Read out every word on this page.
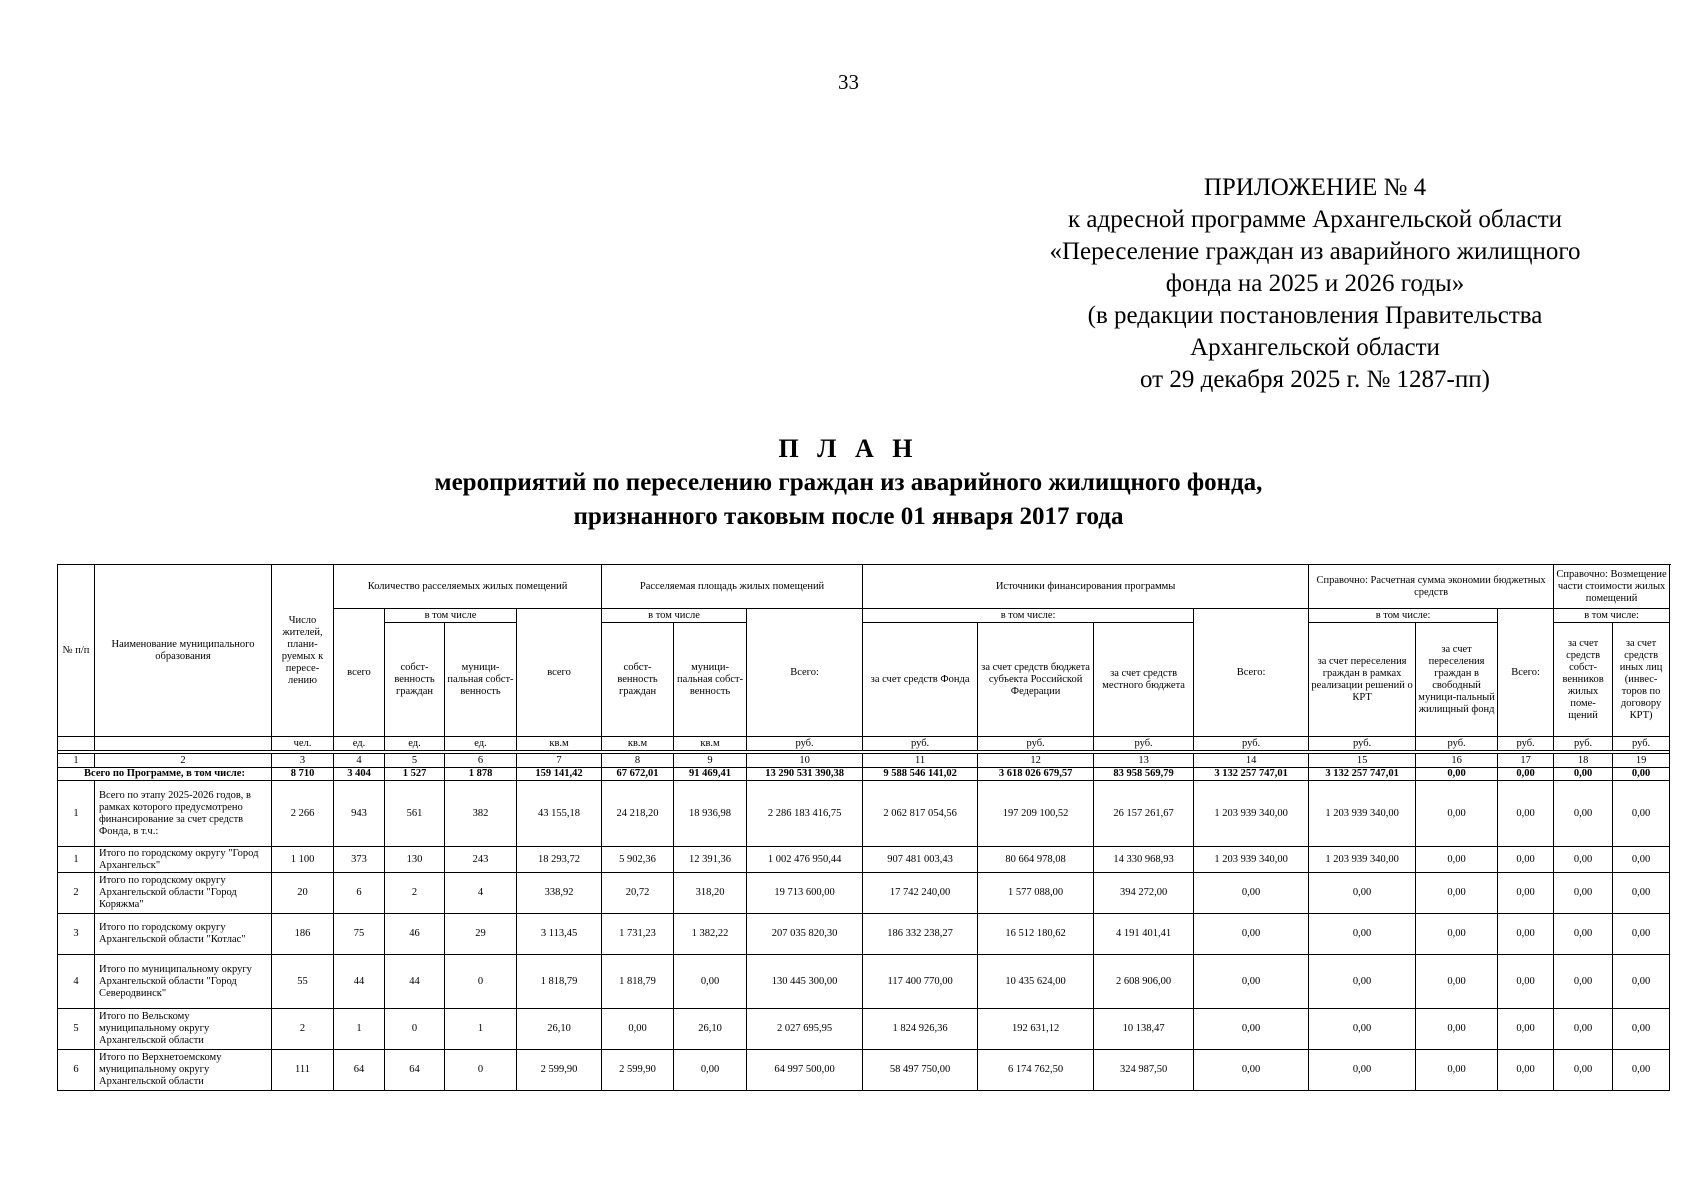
33
ПРИЛОЖЕНИЕ № 4
к адресной программе Архангельской области
«Переселение граждан из аварийного жилищного
фонда на 2025 и 2026 годы»
(в редакции постановления Правительства
Архангельской области
от 29 декабря 2025 г. № 1287-пп)
П Л А Н
мероприятий по переселению граждан из аварийного жилищного фонда,
признанного таковым после 01 января 2017 года
№ п/п	Наименование муниципального образования	Число жителей, плани-руемых к пересе-лению	Количество расселяемых жилых помещений				Расселяемая площадь жилых помещений			Источники финансирования программы				Справочно: Расчетная сумма экономии бюджетных средств			Справочно: Возмещение части стоимости жилых помещений	
			всего	в том числе		всего	в том числе		Всего:	в том числе:			Всего:	в том числе:		Всего:	в том числе:	
				собст-венность граждан	муници-пальная собст-венность		собст-венность граждан	муници-пальная собст-венность		за счет средств Фонда	за счет средств бюджета субъекта Российской Федерации	за счет средств местного бюджета		за счет переселения граждан в рамках реализации решений о КРТ	за счет переселения граждан в свободный муници-пальный жилищный фонд		за счет средств собст-венников жилых поме-щений	за счет средств иных лиц (инвес-торов по договору КРТ)
		чел.	ед.	ед.	ед.	кв.м	кв.м	кв.м	руб.	руб.	руб.	руб.	руб.	руб.	руб.	руб.	руб.	руб.

1	2	3	4	5	6	7	8	9	10	11	12	13	14	15	16	17	18	19
Всего по Программе, в том числе:		8 710	3 404	1 527	1 878	159 141,42	67 672,01	91 469,41	13 290 531 390,38	9 588 546 141,02	3 618 026 679,57	83 958 569,79	3 132 257 747,01	3 132 257 747,01	0,00	0,00	0,00	0,00
1	Всего по этапу 2025-2026 годов, в рамках которого предусмотрено финансирование за счет средств Фонда, в т.ч.:	2 266	943	561	382	43 155,18	24 218,20	18 936,98	2 286 183 416,75	2 062 817 054,56	197 209 100,52	26 157 261,67	1 203 939 340,00	1 203 939 340,00	0,00	0,00	0,00	0,00
1	Итого по городскому округу "Город Архангельск"	1 100	373	130	243	18 293,72	5 902,36	12 391,36	1 002 476 950,44	907 481 003,43	80 664 978,08	14 330 968,93	1 203 939 340,00	1 203 939 340,00	0,00	0,00	0,00	0,00
2	Итого по городскому округу Архангельской области "Город Коряжма"	20	6	2	4	338,92	20,72	318,20	19 713 600,00	17 742 240,00	1 577 088,00	394 272,00	0,00	0,00	0,00	0,00	0,00	0,00
3	Итого по городскому округу Архангельской области "Котлас"	186	75	46	29	3 113,45	1 731,23	1 382,22	207 035 820,30	186 332 238,27	16 512 180,62	4 191 401,41	0,00	0,00	0,00	0,00	0,00	0,00
4	Итого по муниципальному округу Архангельской области "Город Северодвинск"	55	44	44	0	1 818,79	1 818,79	0,00	130 445 300,00	117 400 770,00	10 435 624,00	2 608 906,00	0,00	0,00	0,00	0,00	0,00	0,00
5	Итого по Вельскому муниципальному округу Архангельской области	2	1	0	1	26,10	0,00	26,10	2 027 695,95	1 824 926,36	192 631,12	10 138,47	0,00	0,00	0,00	0,00	0,00	0,00
6	Итого по Верхнетоемскому муниципальному округу Архангельской области	111	64	64	0	2 599,90	2 599,90	0,00	64 997 500,00	58 497 750,00	6 174 762,50	324 987,50	0,00	0,00	0,00	0,00	0,00	0,00
